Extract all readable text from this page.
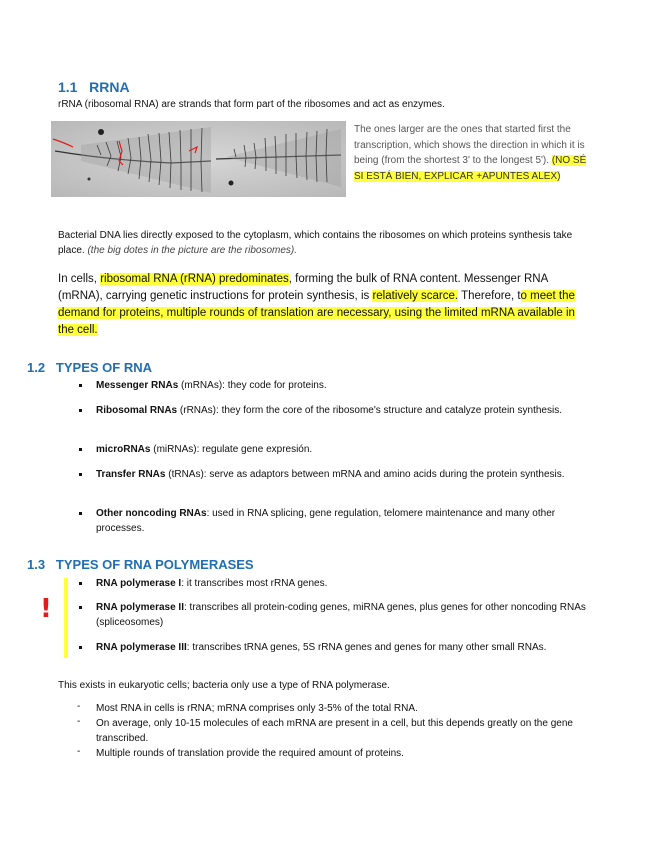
1.1 RRNA
rRNA (ribosomal RNA) are strands that form part of the ribosomes and act as enzymes.
The ones larger are the ones that started first the transcription, which shows the direction in which it is being (from the shortest 3' to the longest 5'). (NO SÉ SI ESTÁ BIEN, EXPLICAR +APUNTES ALEX)
Bacterial DNA lies directly exposed to the cytoplasm, which contains the ribosomes on which proteins synthesis take place. (the big dotes in the picture are the ribosomes).
In cells, ribosomal RNA (rRNA) predominates, forming the bulk of RNA content. Messenger RNA (mRNA), carrying genetic instructions for protein synthesis, is relatively scarce. Therefore, to meet the demand for proteins, multiple rounds of translation are necessary, using the limited mRNA available in the cell.
1.2 TYPES OF RNA
Messenger RNAs (mRNAs): they code for proteins.
Ribosomal RNAs (rRNAs): they form the core of the ribosome's structure and catalyze protein synthesis.
microRNAs (miRNAs): regulate gene expresión.
Transfer RNAs (tRNAs): serve as adaptors between mRNA and amino acids during the protein synthesis.
Other noncoding RNAs: used in RNA splicing, gene regulation, telomere maintenance and many other processes.
1.3 TYPES OF RNA POLYMERASES
!
RNA polymerase I: it transcribes most rRNA genes.
RNA polymerase II: transcribes all protein-coding genes, miRNA genes, plus genes for other noncoding RNAs (spliceosomes)
RNA polymerase III: transcribes tRNA genes, 5S rRNA genes and genes for many other small RNAs.
This exists in eukaryotic cells; bacteria only use a type of RNA polymerase.
- Most RNA in cells is rRNA; mRNA comprises only 3-5% of the total RNA.
- On average, only 10-15 molecules of each mRNA are present in a cell, but this depends greatly on the gene transcribed.
- Multiple rounds of translation provide the required amount of proteins.
